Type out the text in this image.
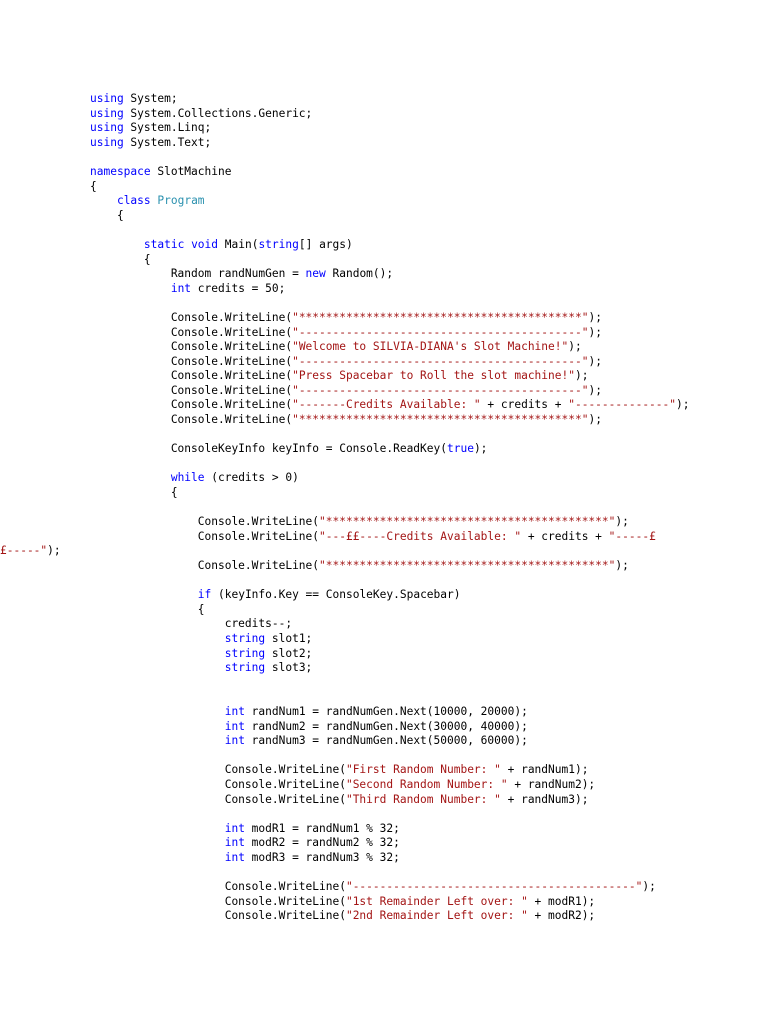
using System;
using System.Collections.Generic;
using System.Linq;
using System.Text;
namespace SlotMachine
{
class Program
{
static void Main(string[] args)
{
Random randNumGen = new Random();
int credits = 50;
Console.WriteLine("******************************************");
Console.WriteLine("------------------------------------------");
Console.WriteLine("Welcome to SILVIA-DIANA's Slot Machine!");
Console.WriteLine("------------------------------------------");
Console.WriteLine("Press Spacebar to Roll the slot machine!");
Console.WriteLine("------------------------------------------");
Console.WriteLine("-------Credits Available: " + credits + "--------------");
Console.WriteLine("******************************************");
ConsoleKeyInfo keyInfo = Console.ReadKey(true);
while (credits > 0)
{
Console.WriteLine("******************************************");
Console.WriteLine("---££----Credits Available: " + credits + "-----£
£-----");
Console.WriteLine("******************************************");
if (keyInfo.Key == ConsoleKey.Spacebar)
{
credits--;
string slot1;
string slot2;
string slot3;
int randNum1 = randNumGen.Next(10000, 20000);
int randNum2 = randNumGen.Next(30000, 40000);
int randNum3 = randNumGen.Next(50000, 60000);
Console.WriteLine("First Random Number: " + randNum1);
Console.WriteLine("Second Random Number: " + randNum2);
Console.WriteLine("Third Random Number: " + randNum3);
int modR1 = randNum1 % 32;
int modR2 = randNum2 % 32;
int modR3 = randNum3 % 32;
Console.WriteLine("------------------------------------------");
Console.WriteLine("1st Remainder Left over: " + modR1);
Console.WriteLine("2nd Remainder Left over: " + modR2);
